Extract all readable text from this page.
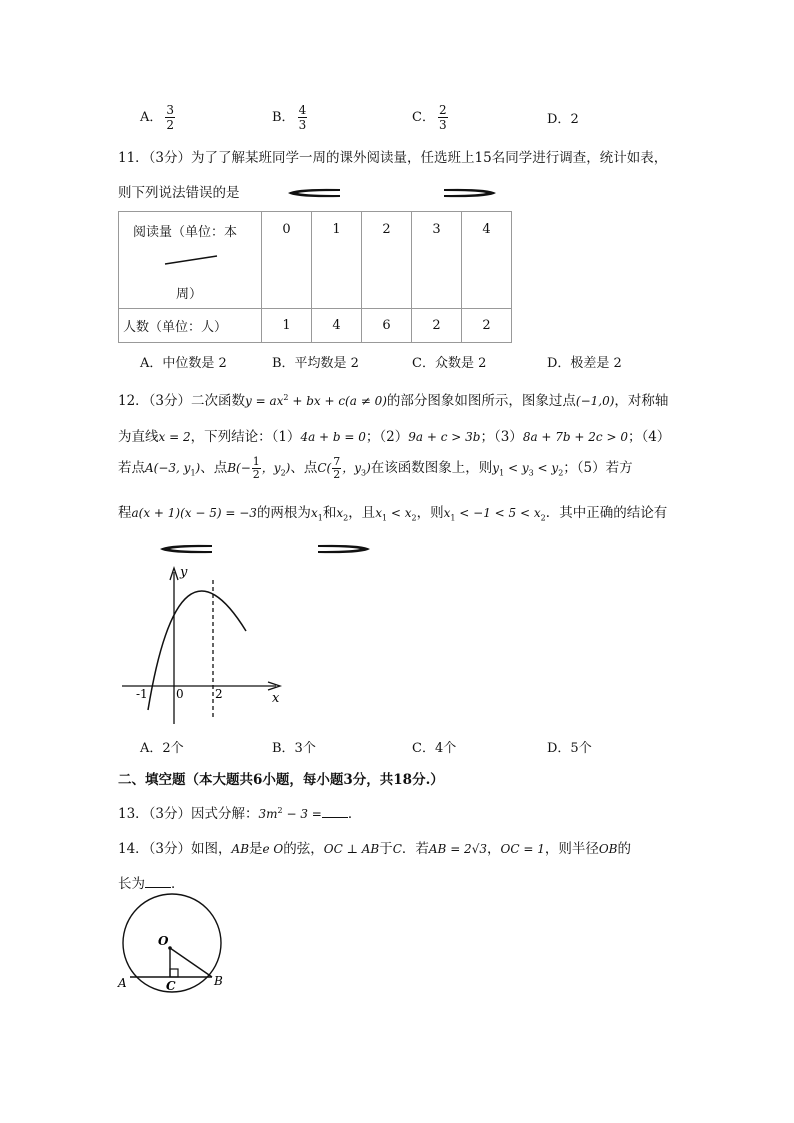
A． $\frac{3}{2}$	B． $\frac{4}{3}$	C． $\frac{2}{3}$	D．2
11．（3分）为了了解某班同学一周的课外阅读量，任选班上15名同学进行调查，统计如表，
则下列说法错误的是
阅读量（单位：本
周）	0	1	2	3	4
人数（单位：人）	1	4	6	2	2
A．中位数是 2	B．平均数是 2	C．众数是 2	D．极差是 2
12．（3分）二次函数$y = ax^2$ + bx + c(a ≠ 0)的部分图象如图所示，图象过点(−1,0)，对称轴
为直线x = 2，下列结论：（1）4a + b = 0；（2）9a + c > 3b；（3）8a + 7b + 2c > 0；（4）
若点A(−3, $y_1$)、点$B(- \frac{1}{2}$ ，$y_2$)、点$C( \frac{7}{2}$ ，$y_3$)在该函数图象上，则$y_1 < y_3 < y_2$；（5）若方
程a(x + 1)(x − 5) = −3的两根为$x_1$和$x_2$，且$x_1 < x_2$，则$x_1 < -1 < 5 < x_2$．其中正确的结论有
y
x
-1 0	2
A．2个	B．3个	C．4个	D．5个
二、填空题（本大题共6小题，每小题3分，共18分.）
13．（3分）因式分解：$3m^2 - 3$ = ．
14．（3分）如图，AB是e O的弦，OC ⊥ AB于C．若AB = 2√3，OC = 1，则半径OB的
长为 ．
O
A	B
C
